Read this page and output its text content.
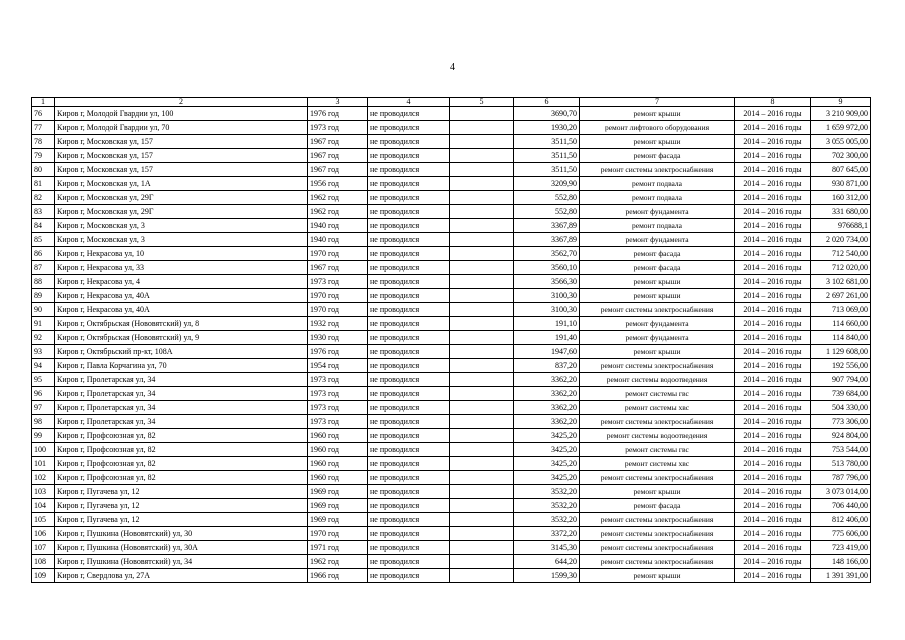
4
1	2	3	4	5	6	7	8	9
76	Киров г, Молодой Гвардии ул, 100	1976 год	не проводился		3690,70	ремонт крыши	2014 – 2016 годы	3 210 909,00
77	Киров г, Молодой Гвардии ул, 70	1973 год	не проводился		1930,20	ремонт лифтового оборудования	2014 – 2016 годы	1 659 972,00
78	Киров г, Московская ул, 157	1967 год	не проводился		3511,50	ремонт крыши	2014 – 2016 годы	3 055 005,00
79	Киров г, Московская ул, 157	1967 год	не проводился		3511,50	ремонт фасада	2014 – 2016 годы	702 300,00
80	Киров г, Московская ул, 157	1967 год	не проводился		3511,50	ремонт системы электроснабжения	2014 – 2016 годы	807 645,00
81	Киров г, Московская ул, 1А	1956 год	не проводился		3209,90	ремонт подвала	2014 – 2016 годы	930 871,00
82	Киров г, Московская ул, 29Г	1962 год	не проводился		552,80	ремонт подвала	2014 – 2016 годы	160 312,00
83	Киров г, Московская ул, 29Г	1962 год	не проводился		552,80	ремонт фундамента	2014 – 2016 годы	331 680,00
84	Киров г, Московская ул, 3	1940 год	не проводился		3367,89	ремонт подвала	2014 – 2016 годы	976688,1
85	Киров г, Московская ул, 3	1940 год	не проводился		3367,89	ремонт фундамента	2014 – 2016 годы	2 020 734,00
86	Киров г, Некрасова ул, 10	1970 год	не проводился		3562,70	ремонт фасада	2014 – 2016 годы	712 540,00
87	Киров г, Некрасова ул, 33	1967 год	не проводился		3560,10	ремонт фасада	2014 – 2016 годы	712 020,00
88	Киров г, Некрасова ул, 4	1973 год	не проводился		3566,30	ремонт крыши	2014 – 2016 годы	3 102 681,00
89	Киров г, Некрасова ул, 40А	1970 год	не проводился		3100,30	ремонт крыши	2014 – 2016 годы	2 697 261,00
90	Киров г, Некрасова ул, 40А	1970 год	не проводился		3100,30	ремонт системы электроснабжения	2014 – 2016 годы	713 069,00
91	Киров г, Октябрьская (Нововятский) ул, 8	1932 год	не проводился		191,10	ремонт фундамента	2014 – 2016 годы	114 660,00
92	Киров г, Октябрьская (Нововятский) ул, 9	1930 год	не проводился		191,40	ремонт фундамента	2014 – 2016 годы	114 840,00
93	Киров г, Октябрьский пр-кт, 108А	1976 год	не проводился		1947,60	ремонт крыши	2014 – 2016 годы	1 129 608,00
94	Киров г, Павла Корчагина ул, 70	1954 год	не проводился		837,20	ремонт системы электроснабжения	2014 – 2016 годы	192 556,00
95	Киров г, Пролетарская ул, 34	1973 год	не проводился		3362,20	ремонт системы водоотведения	2014 – 2016 годы	907 794,00
96	Киров г, Пролетарская ул, 34	1973 год	не проводился		3362,20	ремонт системы гвс	2014 – 2016 годы	739 684,00
97	Киров г, Пролетарская ул, 34	1973 год	не проводился		3362,20	ремонт системы хвс	2014 – 2016 годы	504 330,00
98	Киров г, Пролетарская ул, 34	1973 год	не проводился		3362,20	ремонт системы электроснабжения	2014 – 2016 годы	773 306,00
99	Киров г, Профсоюзная ул, 82	1960 год	не проводился		3425,20	ремонт системы водоотведения	2014 – 2016 годы	924 804,00
100	Киров г, Профсоюзная ул, 82	1960 год	не проводился		3425,20	ремонт системы гвс	2014 – 2016 годы	753 544,00
101	Киров г, Профсоюзная ул, 82	1960 год	не проводился		3425,20	ремонт системы хвс	2014 – 2016 годы	513 780,00
102	Киров г, Профсоюзная ул, 82	1960 год	не проводился		3425,20	ремонт системы электроснабжения	2014 – 2016 годы	787 796,00
103	Киров г, Пугачева ул, 12	1969 год	не проводился		3532,20	ремонт крыши	2014 – 2016 годы	3 073 014,00
104	Киров г, Пугачева ул, 12	1969 год	не проводился		3532,20	ремонт фасада	2014 – 2016 годы	706 440,00
105	Киров г, Пугачева ул, 12	1969 год	не проводился		3532,20	ремонт системы электроснабжения	2014 – 2016 годы	812 406,00
106	Киров г, Пушкина (Нововятский) ул, 30	1970 год	не проводился		3372,20	ремонт системы электроснабжения	2014 – 2016 годы	775 606,00
107	Киров г, Пушкина (Нововятский) ул, 30А	1971 год	не проводился		3145,30	ремонт системы электроснабжения	2014 – 2016 годы	723 419,00
108	Киров г, Пушкина (Нововятский) ул, 34	1962 год	не проводился		644,20	ремонт системы электроснабжения	2014 – 2016 годы	148 166,00
109	Киров г, Свердлова ул, 27А	1966 год	не проводился		1599,30	ремонт крыши	2014 – 2016 годы	1 391 391,00
